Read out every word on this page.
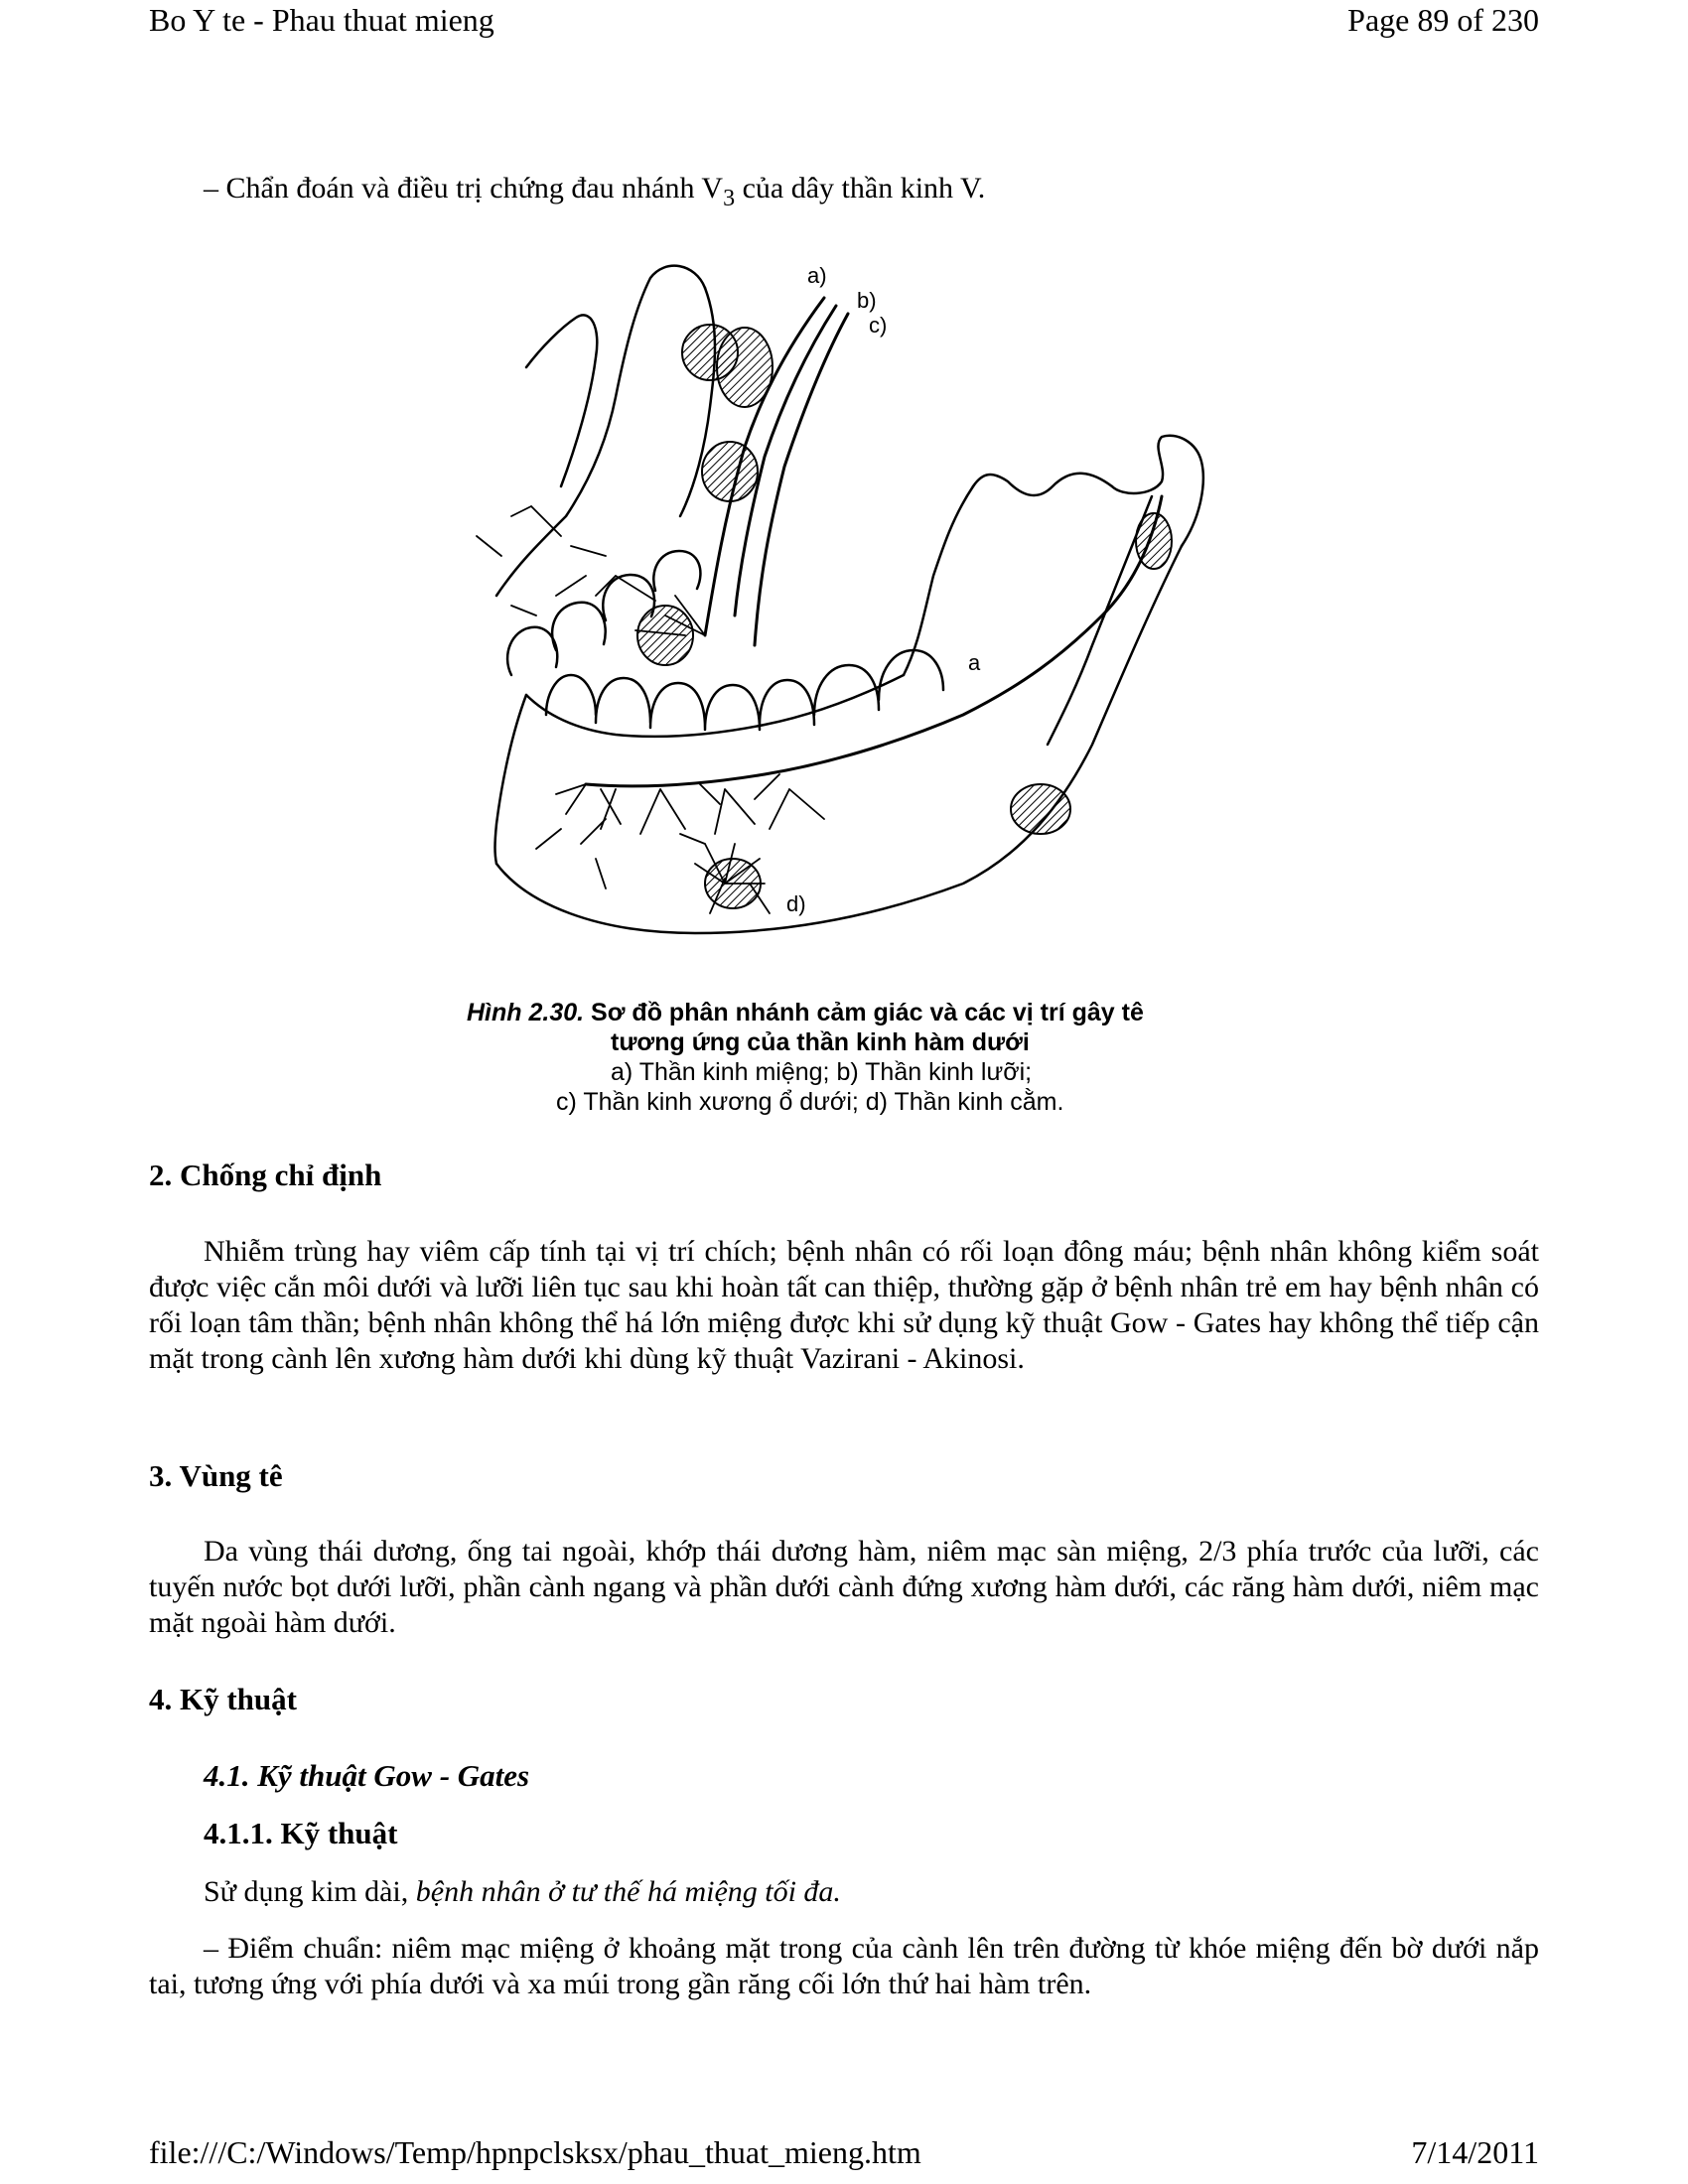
Bo Y te - Phau thuat mieng	Page 89 of 230
– Chẩn đoán và điều trị chứng đau nhánh $V_3$ của dây thần kinh V.
a)
b)
c)
a
d)
Hình 2.30. Sơ đồ phân nhánh cảm giác và các vị trí gây tê
tương ứng của thần kinh hàm dưới
a) Thần kinh miệng; b) Thần kinh lưỡi;
c) Thần kinh xương ổ dưới; d) Thần kinh cằm.
2. Chống chỉ định
Nhiễm trùng hay viêm cấp tính tại vị trí chích; bệnh nhân có rối loạn đông máu; bệnh nhân không kiểm soát được việc cắn môi dưới và lưỡi liên tục sau khi hoàn tất can thiệp, thường gặp ở bệnh nhân trẻ em hay bệnh nhân có rối loạn tâm thần; bệnh nhân không thể há lớn miệng được khi sử dụng kỹ thuật Gow - Gates hay không thể tiếp cận mặt trong cành lên xương hàm dưới khi dùng kỹ thuật Vazirani - Akinosi.
3. Vùng tê
Da vùng thái dương, ống tai ngoài, khớp thái dương hàm, niêm mạc sàn miệng, 2/3 phía trước của lưỡi, các tuyến nước bọt dưới lưỡi, phần cành ngang và phần dưới cành đứng xương hàm dưới, các răng hàm dưới, niêm mạc mặt ngoài hàm dưới.
4. Kỹ thuật
4.1. Kỹ thuật Gow - Gates
4.1.1. Kỹ thuật
Sử dụng kim dài, bệnh nhân ở tư thế há miệng tối đa.
– Điểm chuẩn: niêm mạc miệng ở khoảng mặt trong của cành lên trên đường từ khóe miệng đến bờ dưới nắp tai, tương ứng với phía dưới và xa múi trong gần răng cối lớn thứ hai hàm trên.
file:///C:/Windows/Temp/hpnpclsksx/phau_thuat_mieng.htm	7/14/2011
